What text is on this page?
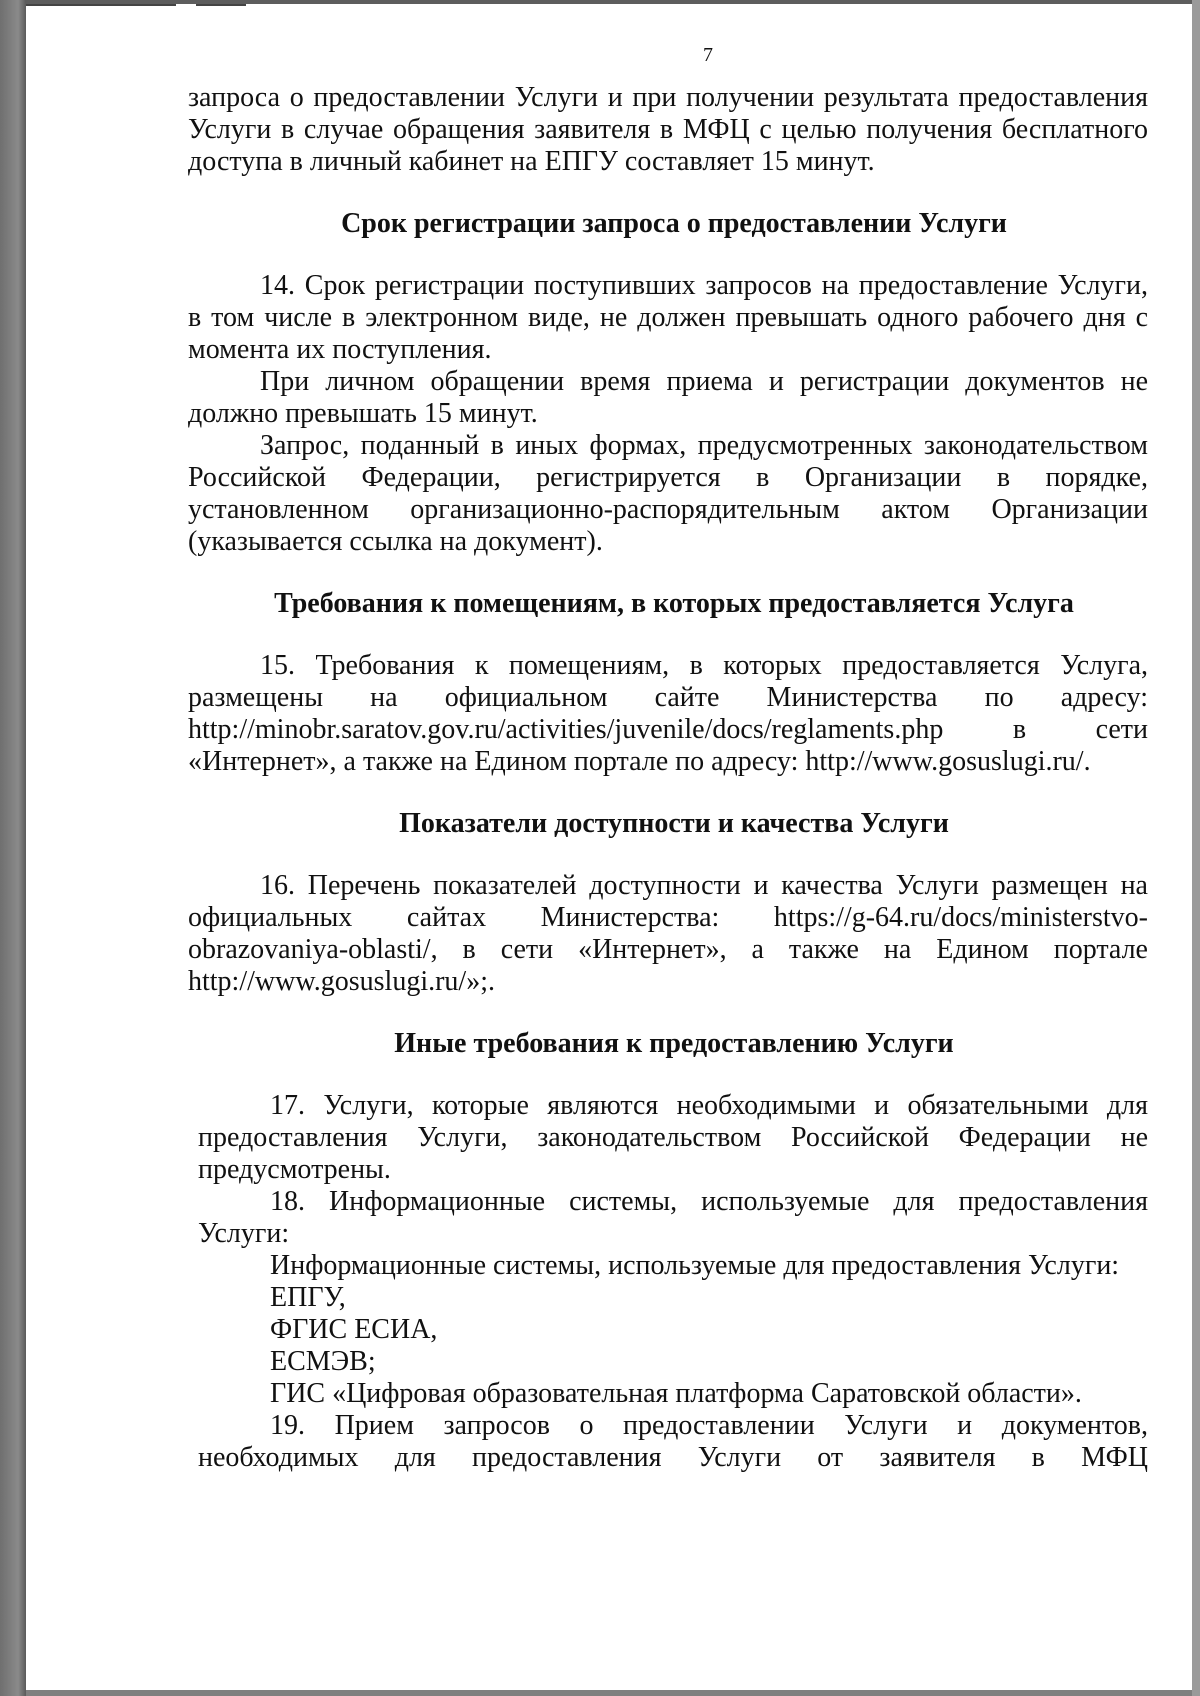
7

запроса о предоставлении Услуги и при получении результата предоставления Услуги в случае обращения заявителя в МФЦ с целью получения бесплатного доступа в личный кабинет на ЕПГУ составляет 15 минут.

Срок регистрации запроса о предоставлении Услуги

14. Срок регистрации поступивших запросов на предоставление Услуги, в том числе в электронном виде, не должен превышать одного рабочего дня с момента их поступления.

При личном обращении время приема и регистрации документов не должно превышать 15 минут.

Запрос, поданный в иных формах, предусмотренных законодательством Российской Федерации, регистрируется в Организации в порядке, установленном организационно-распорядительным актом Организации (указывается ссылка на документ).

Требования к помещениям, в которых предоставляется Услуга

15. Требования к помещениям, в которых предоставляется Услуга, размещены на официальном сайте Министерства по адресу: http://minobr.saratov.gov.ru/activities/juvenile/docs/reglaments.php в сети «Интернет», а также на Едином портале по адресу: http://www.gosuslugi.ru/.

Показатели доступности и качества Услуги

16. Перечень показателей доступности и качества Услуги размещен на официальных сайтах Министерства: https://g-64.ru/docs/ministerstvo-obrazovaniya-oblasti/, в сети «Интернет», а также на Едином портале http://www.gosuslugi.ru/»;.

Иные требования к предоставлению Услуги

17. Услуги, которые являются необходимыми и обязательными для предоставления Услуги, законодательством Российской Федерации не предусмотрены.

18. Информационные системы, используемые для предоставления Услуги:

Информационные системы, используемые для предоставления Услуги:
ЕПГУ,
ФГИС ЕСИА,
ЕСМЭВ;
ГИС «Цифровая образовательная платформа Саратовской области».

19. Прием запросов о предоставлении Услуги и документов, необходимых для предоставления Услуги от заявителя в МФЦ
